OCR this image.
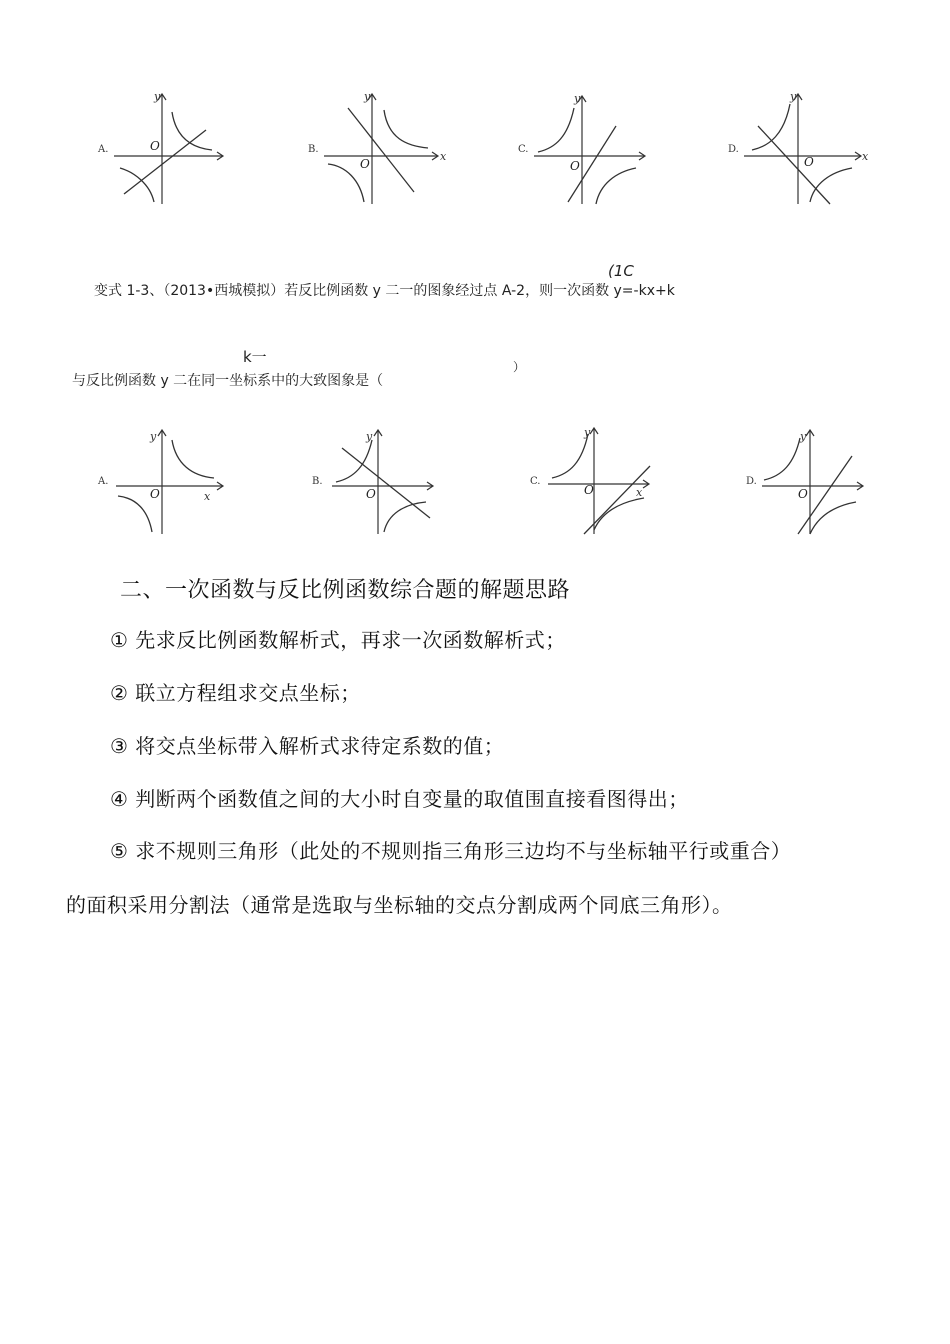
A.
y
O	B.
x
y
O
C.
y
O
D.
x
y
O
(1C
变式 1-3、（2013•西城模拟）若反比例函数 y 二一的图象经过点 A-2，则一次函数 y=-kx+k
k一
与反比例函数 y 二在同一坐标系中的大致图象是（
）
A.
x
y
O
B.
y
O
C.
x
y
O
D.
y
O
二、一次函数与反比例函数综合题的解题思路
① 先求反比例函数解析式，再求一次函数解析式；
② 联立方程组求交点坐标；
③ 将交点坐标带入解析式求待定系数的值；
④ 判断两个函数值之间的大小时自变量的取值围直接看图得出；
⑤ 求不规则三角形（此处的不规则指三角形三边均不与坐标轴平行或重合）
的面积采用分割法（通常是选取与坐标轴的交点分割成两个同底三角形）。
